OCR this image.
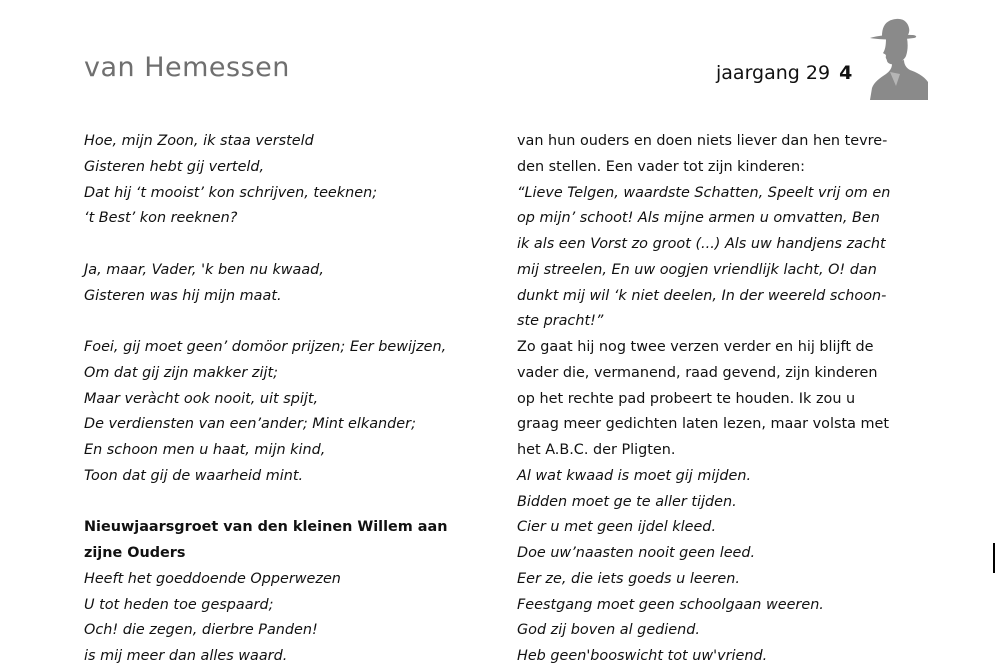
van Hemessen	jaargang 29 4
Hoe, mijn Zoon, ik staa versteld
Gisteren hebt gij verteld,
Dat hij ‘t mooist’ kon schrijven, teeknen;
‘t Best’ kon reeknen?

Ja, maar, Vader, 'k ben nu kwaad,
Gisteren was hij mijn maat.

Foei, gij moet geen’ domöor prijzen; Eer bewijzen,
Om dat gij zijn makker zijt;
Maar veràcht ook nooit, uit spijt,
De verdiensten van een’ander; Mint elkander;
En schoon men u haat, mijn kind,
Toon dat gij de waarheid mint.

Nieuwjaarsgroet van den kleinen Willem aan
zijne Ouders
Heeft het goeddoende Opperwezen
U tot heden toe gespaard;
Och! die zegen, dierbre Panden!
is mij meer dan alles waard.
van hun ouders en doen niets liever dan hen tevre-
den stellen. Een vader tot zijn kinderen:
“Lieve Telgen, waardste Schatten, Speelt vrij om en
op mijn’ schoot! Als mijne armen u omvatten, Ben
ik als een Vorst zo groot (...) Als uw handjens zacht
mij streelen, En uw oogjen vriendlijk lacht, O! dan
dunkt mij wil ‘k niet deelen, In der weereld schoon-
ste pracht!”
Zo gaat hij nog twee verzen verder en hij blijft de
vader die, vermanend, raad gevend, zijn kinderen
op het rechte pad probeert te houden. Ik zou u
graag meer gedichten laten lezen, maar volsta met
het A.B.C. der Pligten.
Al wat kwaad is moet gij mijden.
Bidden moet ge te aller tijden.
Cier u met geen ijdel kleed.
Doe uw’naasten nooit geen leed.
Eer ze, die iets goeds u leeren.
Feestgang moet geen schoolgaan weeren.
God zij boven al gediend.
Heb geen'booswicht tot uw'vriend.
